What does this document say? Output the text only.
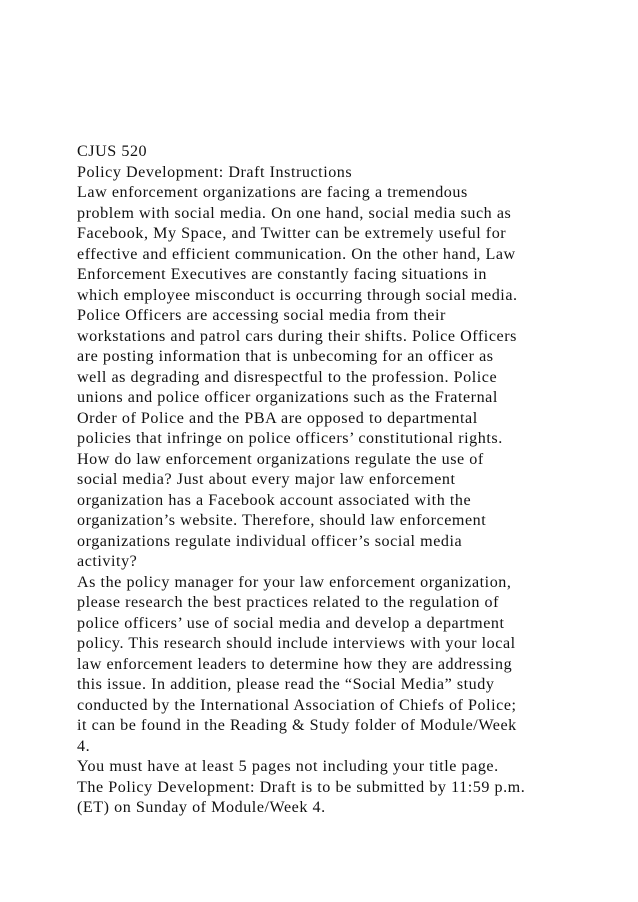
CJUS 520
Policy Development: Draft Instructions
Law enforcement organizations are facing a tremendous
problem with social media. On one hand, social media such as
Facebook, My Space, and Twitter can be extremely useful for
effective and efficient communication. On the other hand, Law
Enforcement Executives are constantly facing situations in
which employee misconduct is occurring through social media.
Police Officers are accessing social media from their
workstations and patrol cars during their shifts. Police Officers
are posting information that is unbecoming for an officer as
well as degrading and disrespectful to the profession. Police
unions and police officer organizations such as the Fraternal
Order of Police and the PBA are opposed to departmental
policies that infringe on police officers’ constitutional rights.
How do law enforcement organizations regulate the use of
social media? Just about every major law enforcement
organization has a Facebook account associated with the
organization’s website. Therefore, should law enforcement
organizations regulate individual officer’s social media
activity?
As the policy manager for your law enforcement organization,
please research the best practices related to the regulation of
police officers’ use of social media and develop a department
policy. This research should include interviews with your local
law enforcement leaders to determine how they are addressing
this issue. In addition, please read the “Social Media” study
conducted by the International Association of Chiefs of Police;
it can be found in the Reading & Study folder of Module/Week
4.
You must have at least 5 pages not including your title page.
The Policy Development: Draft is to be submitted by 11:59 p.m.
(ET) on Sunday of Module/Week 4.
